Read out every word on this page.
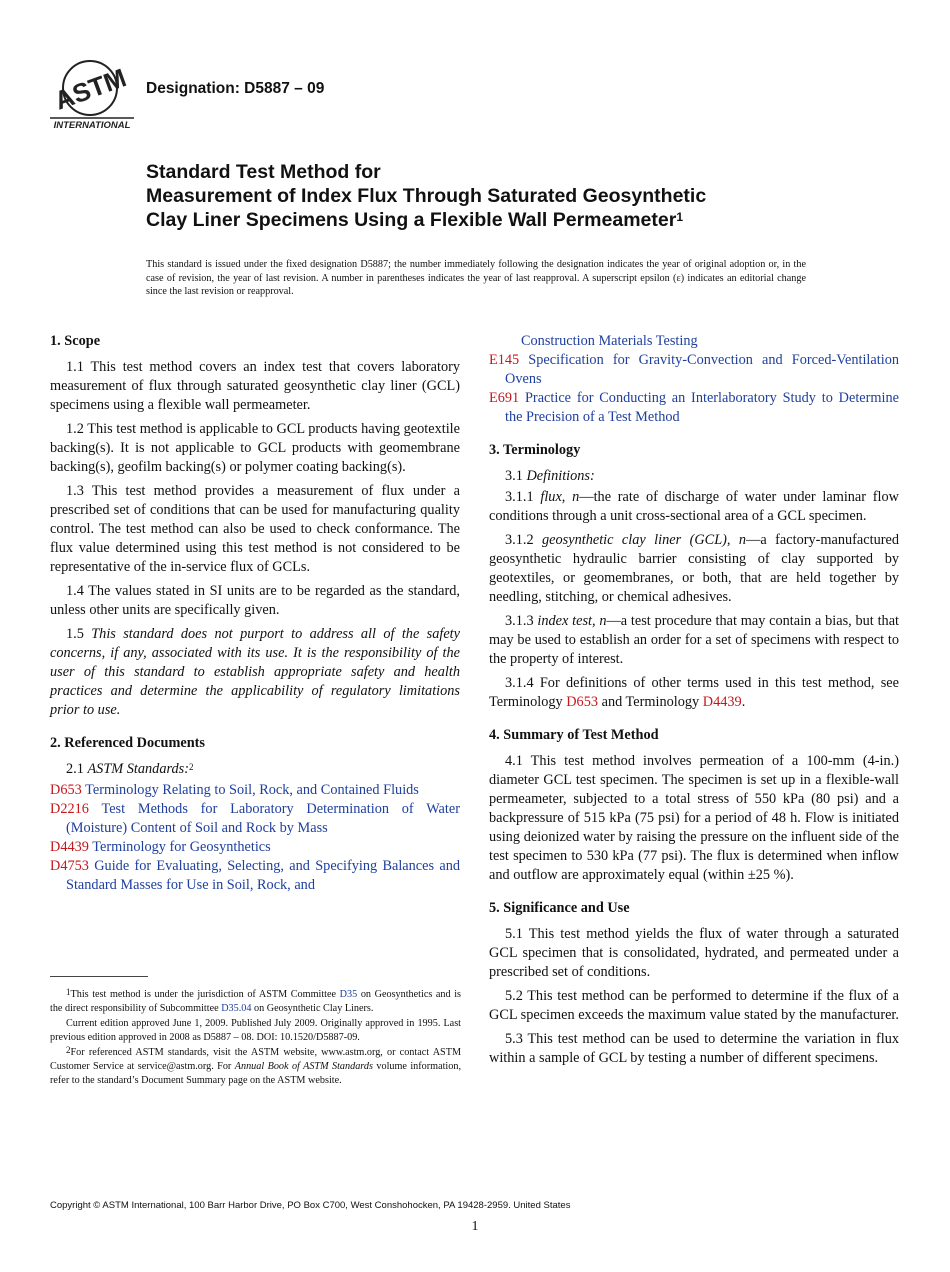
ASTM
INTERNATIONAL
Designation: D5887 – 09
Standard Test Method for
Measurement of Index Flux Through Saturated Geosynthetic
Clay Liner Specimens Using a Flexible Wall Permeameter$^1$
This standard is issued under the fixed designation D5887; the number immediately following the designation indicates the year of original adoption or, in the case of revision, the year of last revision. A number in parentheses indicates the year of last reapproval. A superscript epsilon (ε) indicates an editorial change since the last revision or reapproval.
1. Scope

1.1 This test method covers an index test that covers laboratory measurement of flux through saturated geosynthetic clay liner (GCL) specimens using a flexible wall permeameter.

1.2 This test method is applicable to GCL products having geotextile backing(s). It is not applicable to GCL products with geomembrane backing(s), geofilm backing(s) or polymer coating backing(s).

1.3 This test method provides a measurement of flux under a prescribed set of conditions that can be used for manufacturing quality control. The test method can also be used to check conformance. The flux value determined using this test method is not considered to be representative of the in-service flux of GCLs.

1.4 The values stated in SI units are to be regarded as the standard, unless other units are specifically given.

1.5 This standard does not purport to address all of the safety concerns, if any, associated with its use. It is the responsibility of the user of this standard to establish appropriate safety and health practices and determine the applicability of regulatory limitations prior to use.

2. Referenced Documents

2.1 ASTM Standards:$^2$

D653 Terminology Relating to Soil, Rock, and Contained Fluids
D2216 Test Methods for Laboratory Determination of Water (Moisture) Content of Soil and Rock by Mass
D4439 Terminology for Geosynthetics
D4753 Guide for Evaluating, Selecting, and Specifying Balances and Standard Masses for Use in Soil, Rock, and

$^1$This test method is under the jurisdiction of ASTM Committee D35 on Geosynthetics and is the direct responsibility of Subcommittee D35.04 on Geosynthetic Clay Liners.

Current edition approved June 1, 2009. Published July 2009. Originally approved in 1995. Last previous edition approved in 2008 as D5887 – 08. DOI: 10.1520/D5887-09.

$^2$For referenced ASTM standards, visit the ASTM website, www.astm.org, or contact ASTM Customer Service at service@astm.org. For Annual Book of ASTM Standards volume information, refer to the standard’s Document Summary page on the ASTM website.

Construction Materials Testing
E145 Specification for Gravity-Convection and Forced-Ventilation Ovens
E691 Practice for Conducting an Interlaboratory Study to Determine the Precision of a Test Method
3. Terminology

3.1 Definitions:

3.1.1 flux, n—the rate of discharge of water under laminar flow conditions through a unit cross-sectional area of a GCL specimen.

3.1.2 geosynthetic clay liner (GCL), n—a factory-manufactured geosynthetic hydraulic barrier consisting of clay supported by geotextiles, or geomembranes, or both, that are held together by needling, stitching, or chemical adhesives.

3.1.3 index test, n—a test procedure that may contain a bias, but that may be used to establish an order for a set of specimens with respect to the property of interest.

3.1.4 For definitions of other terms used in this test method, see Terminology D653 and Terminology D4439.

4. Summary of Test Method

4.1 This test method involves permeation of a 100-mm (4-in.) diameter GCL test specimen. The specimen is set up in a flexible-wall permeameter, subjected to a total stress of 550 kPa (80 psi) and a backpressure of 515 kPa (75 psi) for a period of 48 h. Flow is initiated using deionized water by raising the pressure on the influent side of the test specimen to 530 kPa (77 psi). The flux is determined when inflow and outflow are approximately equal (within ±25 %).

5. Significance and Use

5.1 This test method yields the flux of water through a saturated GCL specimen that is consolidated, hydrated, and permeated under a prescribed set of conditions.

5.2 This test method can be performed to determine if the flux of a GCL specimen exceeds the maximum value stated by the manufacturer.

5.3 This test method can be used to determine the variation in flux within a sample of GCL by testing a number of different specimens.

Copyright © ASTM International, 100 Barr Harbor Drive, PO Box C700, West Conshohocken, PA 19428-2959. United States
1
